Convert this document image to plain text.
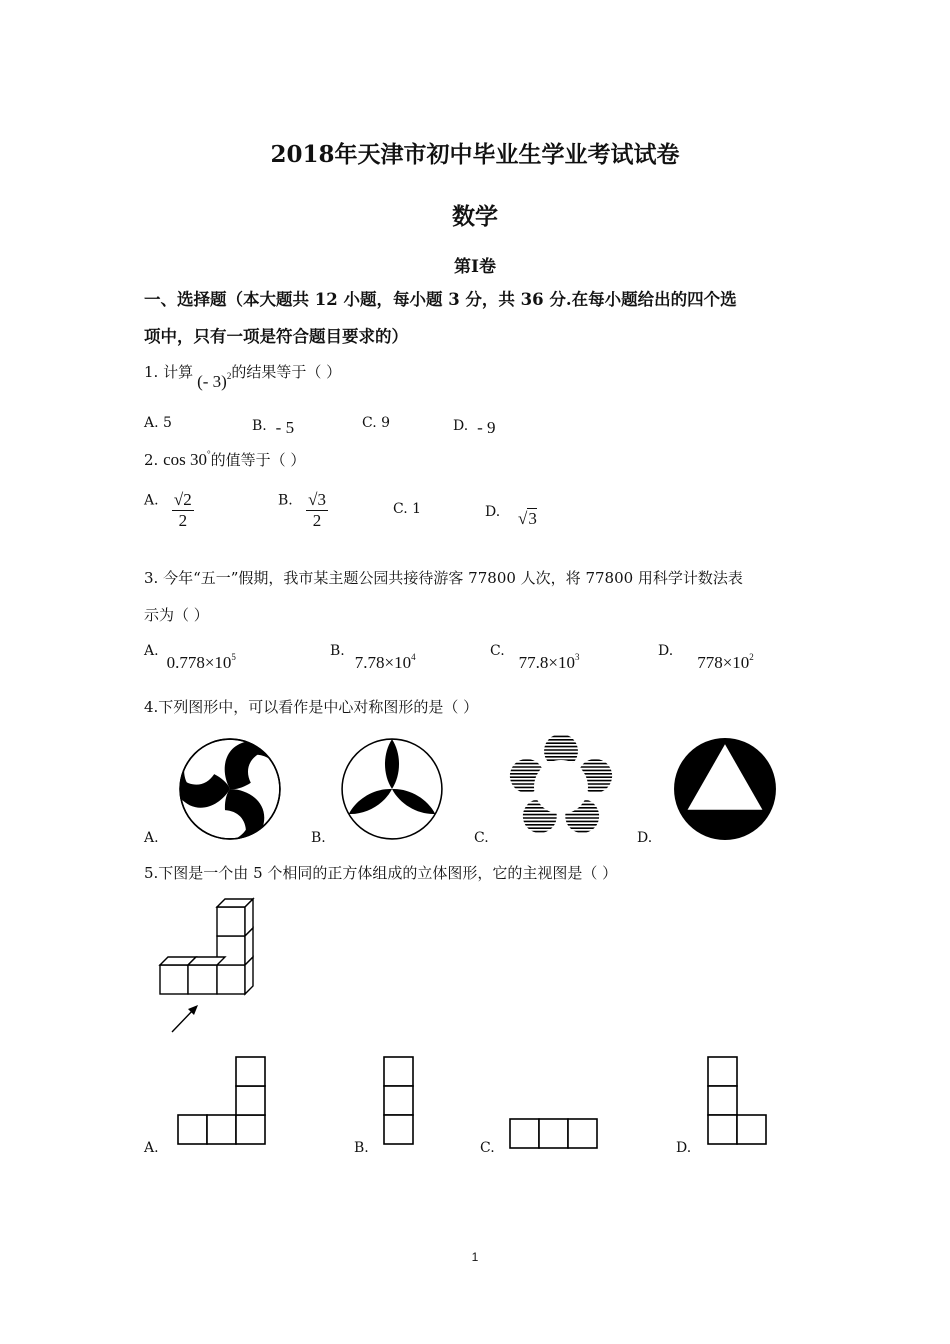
2018年天津市初中毕业生学业考试试卷
数学
第Ⅰ卷
一、选择题（本大题共 12 小题，每小题 3 分，共 36 分.在每小题给出的四个选
项中，只有一项是符合题目要求的）
1. 计算 (- 3)$^2$的结果等于（ ）
A. 5	B. - 5	C. 9	D. - 9
2. cos 30°的值等于（ ）
A. $\frac{√2}{2}$	B. $\frac{√3}{2}$	C. 1	D. √3
3. 今年“五一”假期，我市某主题公园共接待游客 77800 人次，将 77800 用科学计数法表
示为（ ）
$A.0.778\times 10^5$	$B.7.78\times 10^4$	$C.77.8\times 10^3$	$D.778\times 10^2$
4.下列图形中，可以看作是中心对称图形的是（ ）
A.	B.	C.	D.
5.下图是一个由 5 个相同的正方体组成的立体图形，它的主视图是（ ）
A.	B.	C.	D.
1
